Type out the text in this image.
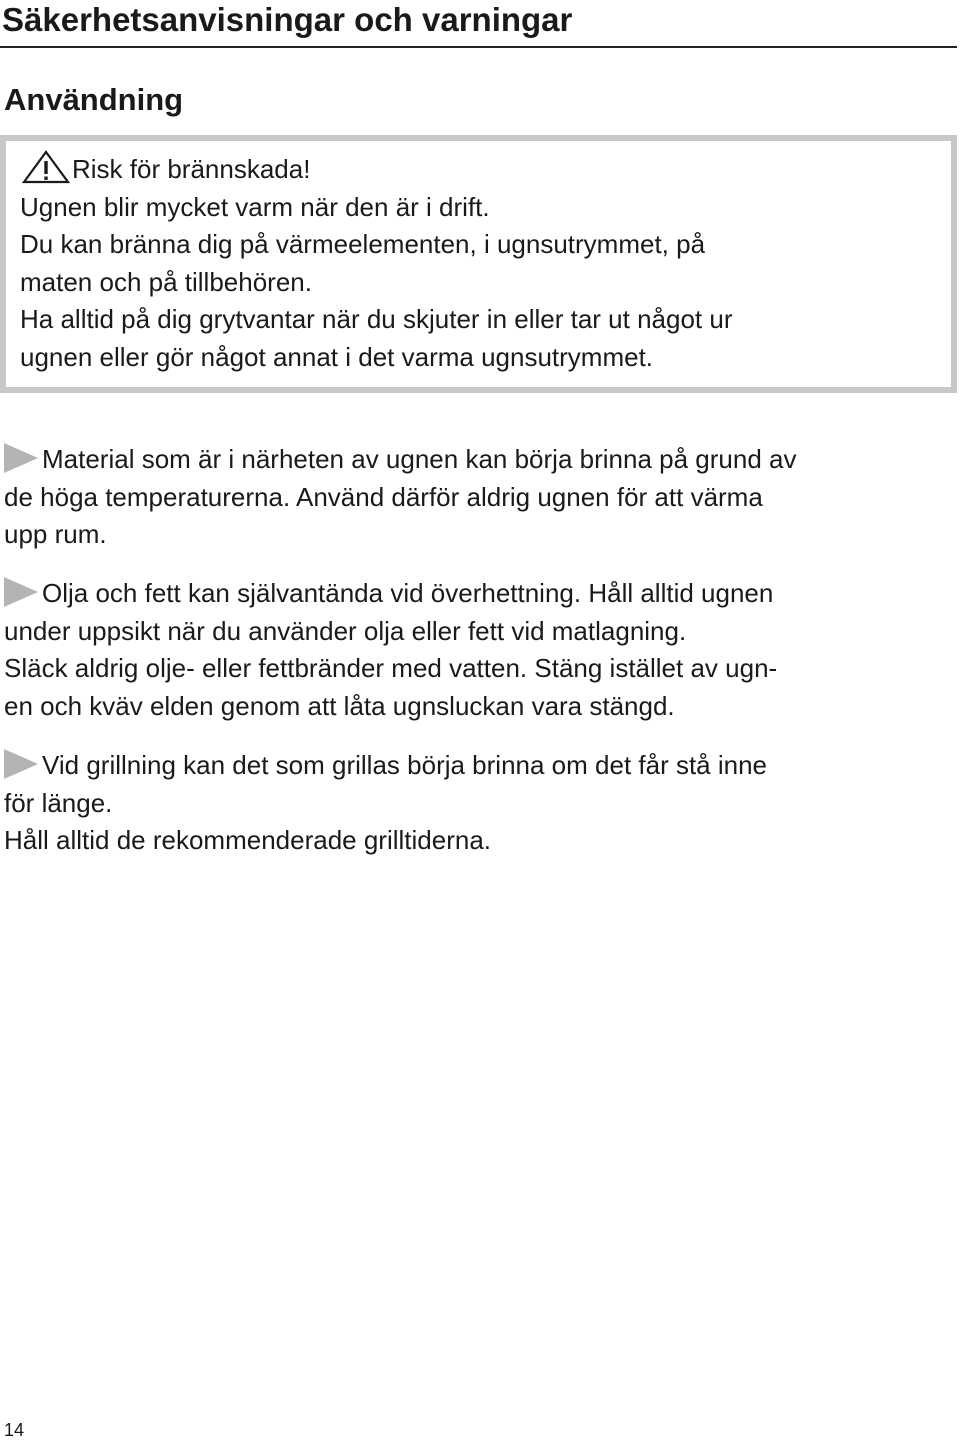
Säkerhetsanvisningar och varningar
Användning
Risk för brännskada!
Ugnen blir mycket varm när den är i drift.
Du kan bränna dig på värmeelementen, i ugnsutrymmet, på
maten och på tillbehören.
Ha alltid på dig grytvantar när du skjuter in eller tar ut något ur
ugnen eller gör något annat i det varma ugnsutrymmet.
Material som är i närheten av ugnen kan börja brinna på grund av
de höga temperaturerna. Använd därför aldrig ugnen för att värma
upp rum.
Olja och fett kan självantända vid överhettning. Håll alltid ugnen
under uppsikt när du använder olja eller fett vid matlagning.
Släck aldrig olje- eller fettbränder med vatten. Stäng istället av ugn-
en och kväv elden genom att låta ugnsluckan vara stängd.
Vid grillning kan det som grillas börja brinna om det får stå inne
för länge.
Håll alltid de rekommenderade grilltiderna.
14
